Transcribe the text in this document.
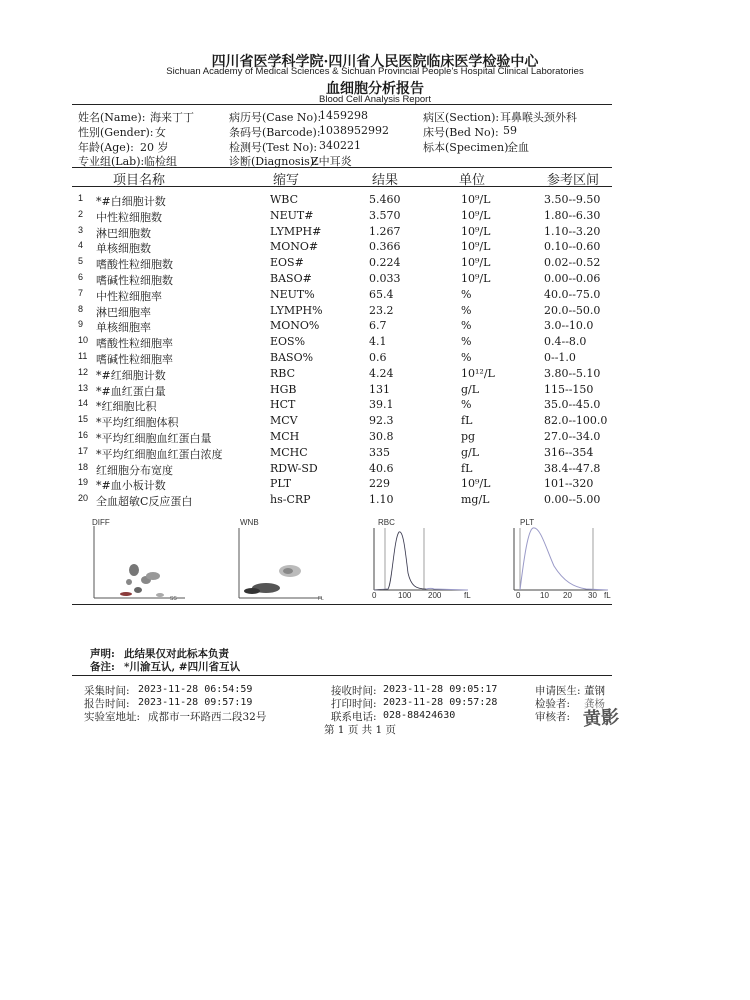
四川省医学科学院·四川省人民医院临床医学检验中心
Sichuan Academy of Medical Sciences & Sichuan Provincial People's Hospital Clinical Laboratories
血细胞分析报告
Blood Cell Analysis Report
姓名(Name): 海来丁丁
性别(Gender): 女
年龄(Age): 20 岁
专业组(Lab): 临检组
病历号(Case No):
1459298
条码号(Barcode):
1038952992
检测号(Test No): 340221
诊断(Diagnosis):
Z中耳炎
病区(Section): 耳鼻喉头颈外科
床号(Bed No): 59
标本(Specimen):
全血
项目名称	缩写	结果	单位	参考区间
1 *#白细胞计数	WBC	5.460	10⁹/L	3.50--9.50
2 中性粒细胞数	NEUT#	3.570	10⁹/L	1.80--6.30
3 淋巴细胞数	LYMPH#	1.267	10⁹/L	1.10--3.20
4 单核细胞数	MONO#	0.366	10⁹/L	0.10--0.60
5 嗜酸性粒细胞数	EOS#	0.224	10⁹/L	0.02--0.52
6 嗜碱性粒细胞数	BASO#	0.033	10⁹/L	0.00--0.06
7 中性粒细胞率	NEUT%	65.4	%	40.0--75.0
8 淋巴细胞率	LYMPH%	23.2	%	20.0--50.0
9 单核细胞率	MONO%	6.7	%	3.0--10.0
10 嗜酸性粒细胞率	EOS%	4.1	%	0.4--8.0
11 嗜碱性粒细胞率	BASO%	0.6	%	0--1.0
12 *#红细胞计数	RBC	4.24	10¹²/L	3.80--5.10
13 *#血红蛋白量	HGB	131	g/L	115--150
14 *红细胞比积	HCT	39.1	%	35.0--45.0
15 *平均红细胞体积	MCV	92.3	fL	82.0--100.0
16 *平均红细胞血红蛋白量	MCH	30.8	pg	27.0--34.0
17 *平均红细胞血红蛋白浓度	MCHC	335	g/L	316--354
18 红细胞分布宽度	RDW-SD	40.6	fL	38.4--47.8
19 *#血小板计数	PLT	229	10⁹/L	101--320
20 全血超敏C反应蛋白	hs-CRP	1.10	mg/L	0.00--5.00
DIFF
SS
WNB
FL
RBC
0	100 200	fL
PLT
0 10 20 30 fL
声明: 此结果仅对此标本负责
备注: *川渝互认, #四川省互认
采集时间: 2023-11-28 06:54:59
报告时间: 2023-11-28 09:57:19
实验室地址: 成都市一环路西二段32号
接收时间: 2023-11-28 09:05:17
打印时间: 2023-11-28 09:57:28
联系电话: 028-88424630
申请医生: 董钢
检验者: 龚杨
审核者: 黄影
第 1 页 共 1 页
